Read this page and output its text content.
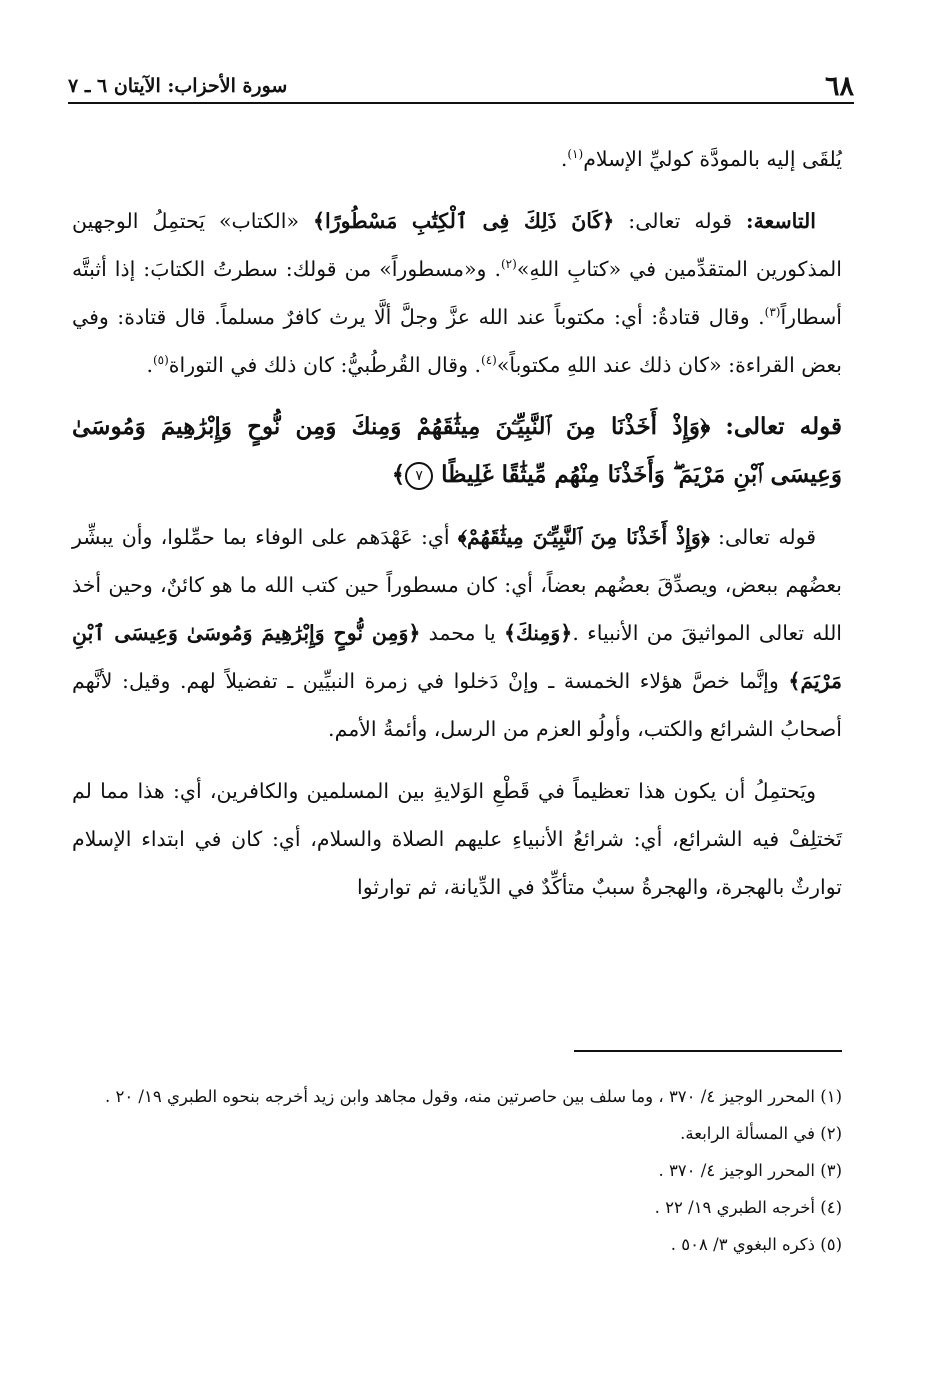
٦٨
سورة الأحزاب: الآيتان ٦ ـ ٧

يُلقَى إليه بالمودَّة كوليِّ الإسلام$^{(١)}$.

التاسعة: قوله تعالى: ﴿كَانَ ذَلِكَ فِى ٱلْكِتَٰبِ مَسْطُورًا﴾ «الكتاب» يَحتمِلُ الوجهين المذكورين المتقدِّمين في «كتابِ اللهِ»$^{(٢)}$. و«مسطوراً» من قولك: سطرتُ الكتابَ: إذا أثبتَّه أسطاراً$^{(٣)}$. وقال قتادةُ: أي: مكتوباً عند الله عزَّ وجلَّ ألَّا يرث كافرٌ مسلماً. قال قتادة: وفي بعض القراءة: «كان ذلك عند اللهِ مكتوباً»$^{(٤)}$. وقال القُرطُبيُّ: كان ذلك في التوراة$^{(٥)}$.

قوله تعالى: ﴿وَإِذْ أَخَذْنَا مِنَ ٱلنَّبِيِّـۧنَ مِيثَٰقَهُمْ وَمِنكَ وَمِن نُّوحٍ وَإِبْرَٰهِيمَ وَمُوسَىٰ وَعِيسَى ٱبْنِ مَرْيَمَ ۖ وَأَخَذْنَا مِنْهُم مِّيثَٰقًا غَلِيظًا ٧﴾

قوله تعالى: ﴿وَإِذْ أَخَذْنَا مِنَ ٱلنَّبِيِّـۧنَ مِيثَٰقَهُمْ﴾ أي: عَهْدَهم على الوفاء بما حمِّلوا، وأن يبشِّر بعضُهم ببعض، ويصدِّقَ بعضُهم بعضاً، أي: كان مسطوراً حين كتب الله ما هو كائنٌ، وحين أخذ الله تعالى المواثيقَ من الأنبياء .﴿وَمِنكَ﴾ يا محمد ﴿وَمِن نُّوحٍ وَإِبْرَٰهِيمَ وَمُوسَىٰ وَعِيسَى ٱبْنِ مَرْيَمَ﴾ وإنَّما خصَّ هؤلاء الخمسة ـ وإنْ دَخلوا في زمرة النبيِّين ـ تفضيلاً لهم. وقيل: لأنَّهم أصحابُ الشرائع والكتب، وأولُو العزم من الرسل، وأئمةُ الأمم.

ويَحتمِلُ أن يكون هذا تعظيماً في قَطْعِ الوَلايةِ بين المسلمين والكافرين، أي: هذا مما لم تَختلِفْ فيه الشرائع، أي: شرائعُ الأنبياءِ عليهم الصلاة والسلام، أي: كان في ابتداء الإسلام توارثٌ بالهجرة، والهجرةُ سببٌ متأكِّدٌ في الدِّيانة، ثم توارثوا

(١) المحرر الوجيز ٤/ ٣٧٠ ، وما سلف بين حاصرتين منه، وقول مجاهد وابن زيد أخرجه بنحوه الطبري ١٩/ ٢٠ .

(٢) في المسألة الرابعة.

(٣) المحرر الوجيز ٤/ ٣٧٠ .

(٤) أخرجه الطبري ١٩/ ٢٢ .

(٥) ذكره البغوي ٣/ ٥٠٨ .
